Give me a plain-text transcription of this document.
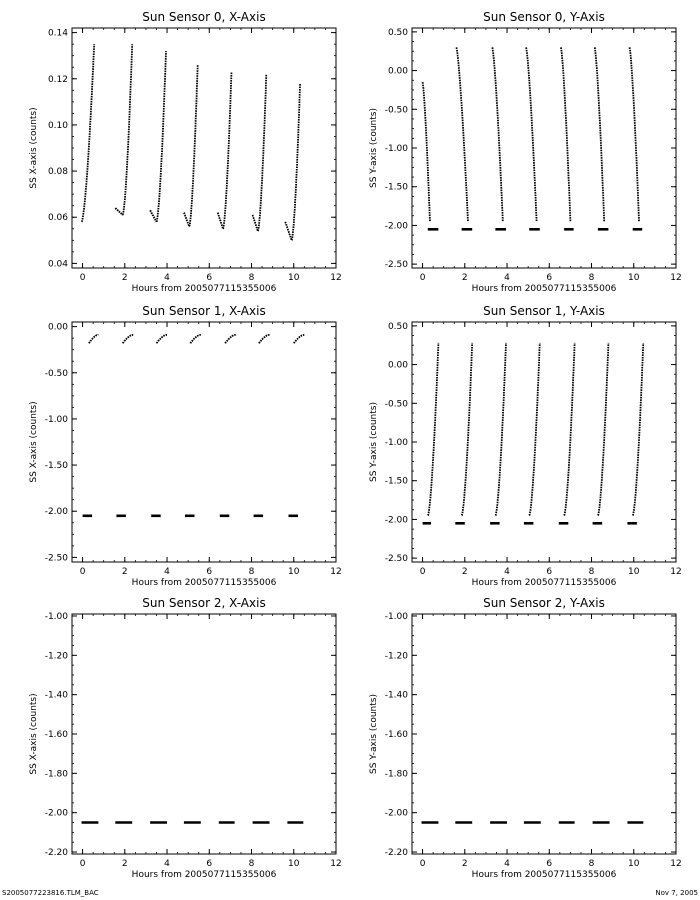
Sun Sensor 0, X-Axis
Hours from 2005077115355006
SS X-axis (counts)
0	2	4	6	8	10	12
0.04
0.06
0.08
0.10
0.12
0.14
Sun Sensor 0, Y-Axis
Hours from 2005077115355006
SS Y-axis (counts)
0	2	4	6	8	10	12
-2.50
-2.00
-1.50
-1.00
-0.50
0.00
0.50
Sun Sensor 1, X-Axis
Hours from 2005077115355006
SS X-axis (counts)
0	2	4	6	8	10	12
-2.50
-2.00
-1.50
-1.00
-0.50
0.00
Sun Sensor 1, Y-Axis
Hours from 2005077115355006
SS Y-axis (counts)
0	2	4	6	8	10	12
-2.50
-2.00
-1.50
-1.00
-0.50
0.00
0.50
Sun Sensor 2, X-Axis
Hours from 2005077115355006
SS X-axis (counts)
0	2	4	6	8	10	12
-2.20
-2.00
-1.80
-1.60
-1.40
-1.20
-1.00
Sun Sensor 2, Y-Axis
Hours from 2005077115355006
SS Y-axis (counts)
0	2	4	6	8	10	12
-2.20
-2.00
-1.80
-1.60
-1.40
-1.20
-1.00
S2005077223816.TLM_BAC	Nov 7, 2005
